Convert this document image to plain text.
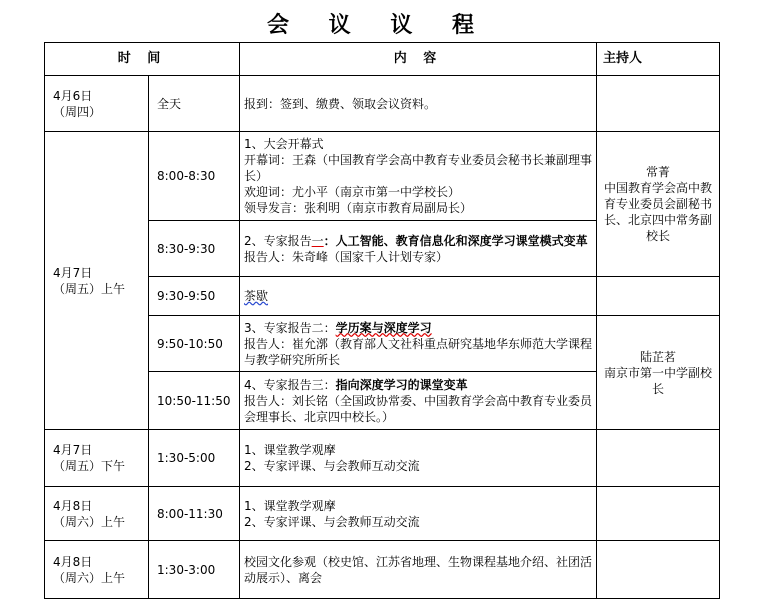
会 议 议 程
时 间		内 容	主持人
4月6日
（周四）	全天	报到：签到、缴费、领取会议资料。	
4月7日
（周五）上午	8:00-8:30	1、大会开幕式
开幕词：王森（中国教育学会高中教育专业委员会秘书长兼副理事长）
欢迎词：尤小平（南京市第一中学校长）
领导发言：张利明（南京市教育局副局长）	常菁
中国教育学会高中教育专业委员会副秘书长、北京四中常务副校长
	8:30-9:30	2、专家报告一：人工智能、教育信息化和深度学习课堂模式变革
报告人：朱奇峰（国家千人计划专家）	

	9:30-9:50	茶歇	
	9:50-10:50	3、专家报告二：学历案与深度学习
报告人：崔允漷（教育部人文社科重点研究基地华东师范大学课程与教学研究所所长	陆芷茗
南京市第一中学副校长
	10:50-11:50	4、专家报告三：指向深度学习的课堂变革
报告人：刘长铭（全国政协常委、中国教育学会高中教育专业委员会理事长、北京四中校长。）	

4月7日
（周五）下午	1:30-5:00	1、课堂教学观摩
2、专家评课、与会教师互动交流	

4月8日
（周六）上午	8:00-11:30	1、课堂教学观摩
2、专家评课、与会教师互动交流	

4月8日
（周六）上午	1:30-3:00	校园文化参观（校史馆、江苏省地理、生物课程基地介绍、社团活动展示）、离会	
